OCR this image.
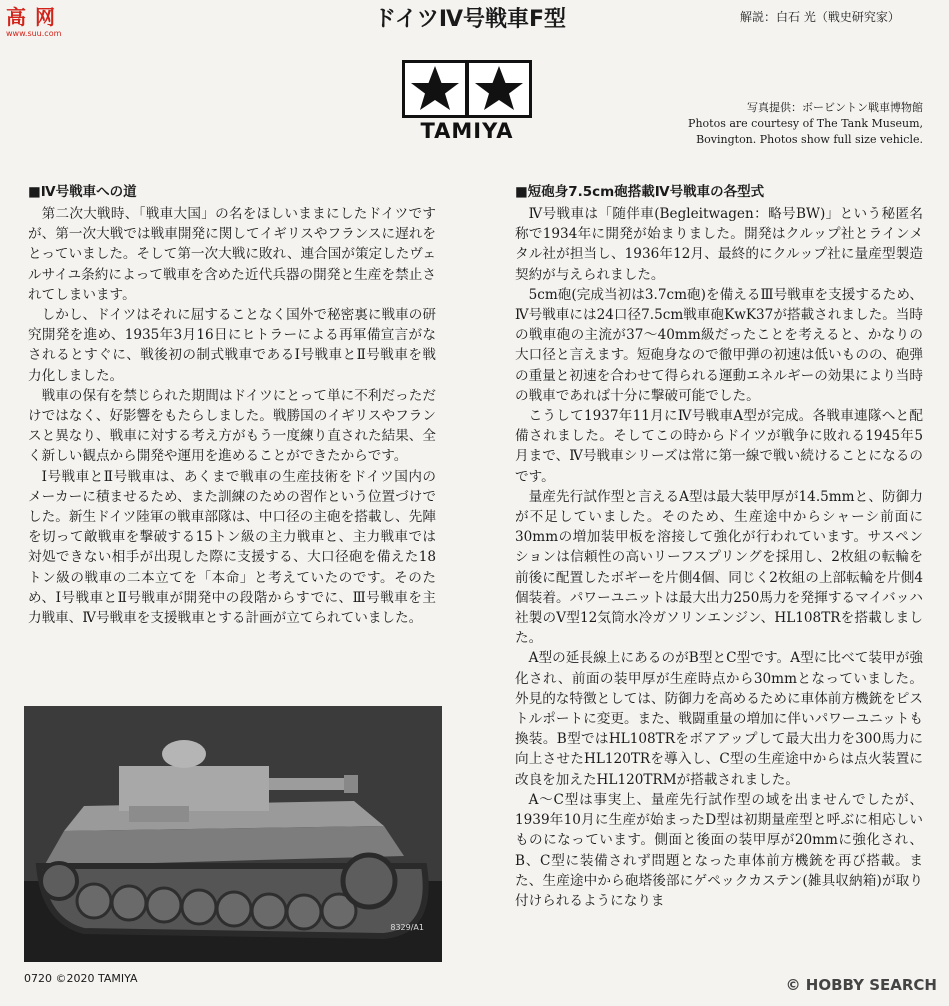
高 网
www.suu.com
ドイツⅣ号戦車F型	解説：白石 光（戦史研究家）
TAMIYA
写真提供：ボービントン戦車博物館
Photos are courtesy of The Tank Museum,
Bovington. Photos show full size vehicle.
■Ⅳ号戦車への道

第二次大戦時、「戦車大国」の名をほしいままにしたドイツですが、第一次大戦では戦車開発に関してイギリスやフランスに遅れをとっていました。そして第一次大戦に敗れ、連合国が策定したヴェルサイユ条約によって戦車を含めた近代兵器の開発と生産を禁止されてしまいます。

しかし、ドイツはそれに屈することなく国外で秘密裏に戦車の研究開発を進め、1935年3月16日にヒトラーによる再軍備宣言がなされるとすぐに、戦後初の制式戦車であるⅠ号戦車とⅡ号戦車を戦力化しました。

戦車の保有を禁じられた期間はドイツにとって単に不利だっただけではなく、好影響をもたらしました。戦勝国のイギリスやフランスと異なり、戦車に対する考え方がもう一度練り直された結果、全く新しい観点から開発や運用を進めることができたからです。

Ⅰ号戦車とⅡ号戦車は、あくまで戦車の生産技術をドイツ国内のメーカーに積ませるため、また訓練のための習作という位置づけでした。新生ドイツ陸軍の戦車部隊は、中口径の主砲を搭載し、先陣を切って敵戦車を撃破する15トン級の主力戦車と、主力戦車では対処できない相手が出現した際に支援する、大口径砲を備えた18トン級の戦車の二本立てを「本命」と考えていたのです。そのため、Ⅰ号戦車とⅡ号戦車が開発中の段階からすでに、Ⅲ号戦車を主力戦車、Ⅳ号戦車を支援戦車とする計画が立てられていました。

■短砲身7.5cm砲搭載Ⅳ号戦車の各型式

Ⅳ号戦車は「随伴車(Begleitwagen：略号BW)」という秘匿名称で1934年に開発が始まりました。開発はクルップ社とラインメタル社が担当し、1936年12月、最終的にクルップ社に量産型製造契約が与えられました。

5cm砲(完成当初は3.7cm砲)を備えるⅢ号戦車を支援するため、Ⅳ号戦車には24口径7.5cm戦車砲KwK37が搭載されました。当時の戦車砲の主流が37～40mm級だったことを考えると、かなりの大口径と言えます。短砲身なので徹甲弾の初速は低いものの、砲弾の重量と初速を合わせて得られる運動エネルギーの効果により当時の戦車であれば十分に撃破可能でした。

こうして1937年11月にⅣ号戦車A型が完成。各戦車連隊へと配備されました。そしてこの時からドイツが戦争に敗れる1945年5月まで、Ⅳ号戦車シリーズは常に第一線で戦い続けることになるのです。

量産先行試作型と言えるA型は最大装甲厚が14.5mmと、防御力が不足していました。そのため、生産途中からシャーシ前面に30mmの増加装甲板を溶接して強化が行われています。サスペンションは信頼性の高いリーフスプリングを採用し、2枚組の転輪を前後に配置したボギーを片側4個、同じく2枚組の上部転輪を片側4個装着。パワーユニットは最大出力250馬力を発揮するマイバッハ社製のV型12気筒水冷ガソリンエンジン、HL108TRを搭載しました。

A型の延長線上にあるのがB型とC型です。A型に比べて装甲が強化され、前面の装甲厚が生産時点から30mmとなっていました。外見的な特徴としては、防御力を高めるために車体前方機銃をピストルポートに変更。また、戦闘重量の増加に伴いパワーユニットも換装。B型ではHL108TRをボアアップして最大出力を300馬力に向上させたHL120TRを導入し、C型の生産途中からは点火装置に改良を加えたHL120TRMが搭載されました。

A～C型は事実上、量産先行試作型の域を出ませんでしたが、1939年10月に生産が始まったD型は初期量産型と呼ぶに相応しいものになっています。側面と後面の装甲厚が20mmに強化され、B、C型に装備されず問題となった車体前方機銃を再び搭載。また、生産途中から砲塔後部にゲペックカステン(雑具収納箱)が取り付けられるようになりま

8329/A1
0720 ©2020 TAMIYA	© HOBBY SEARCH
